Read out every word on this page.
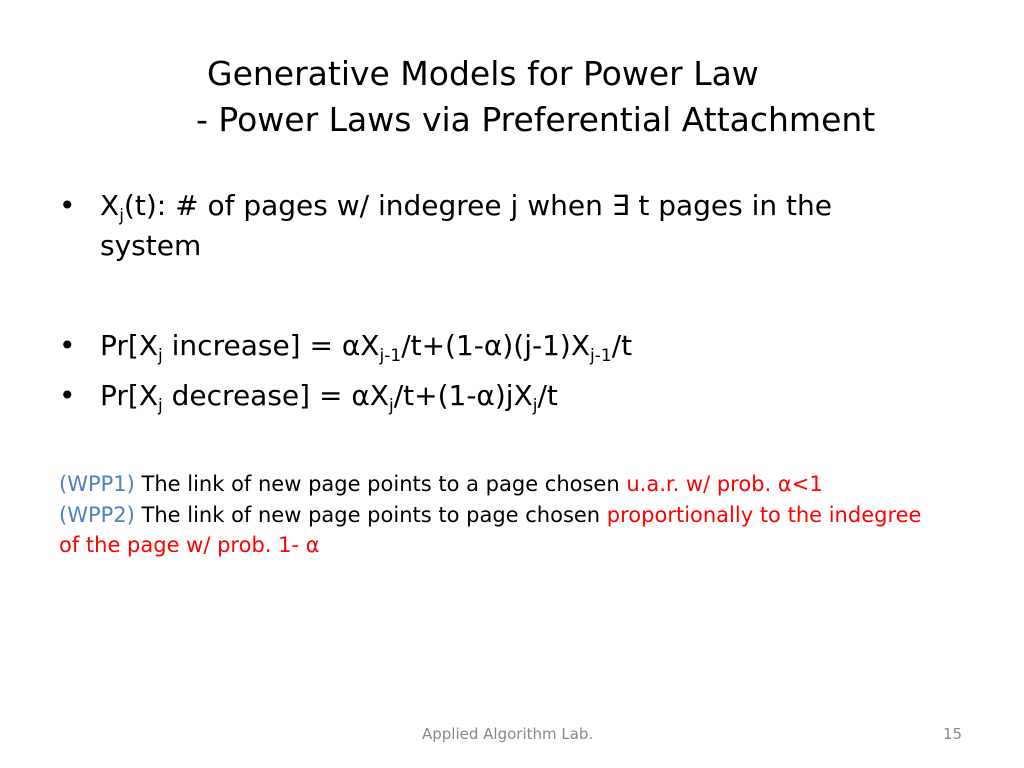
Generative Models for Power Law
- Power Laws via Preferential Attachment
• $X_j(t)$: # of pages w/ indegree j when ∃ t pages in the system
• $Pr[X_j$ increase] = $\alpha X_{j-1}/t+(1-\alpha)(j-1)X_{j-1}/t$
• $Pr[X_j$ decrease] = $\alpha X_j/t+(1-\alpha)jX_j/t$
(WPP1) The link of new page points to a page chosen u.a.r. w/ prob. α<1
(WPP2) The link of new page points to page chosen proportionally to the indegree of the page w/ prob. 1- α
Applied Algorithm Lab.	15
